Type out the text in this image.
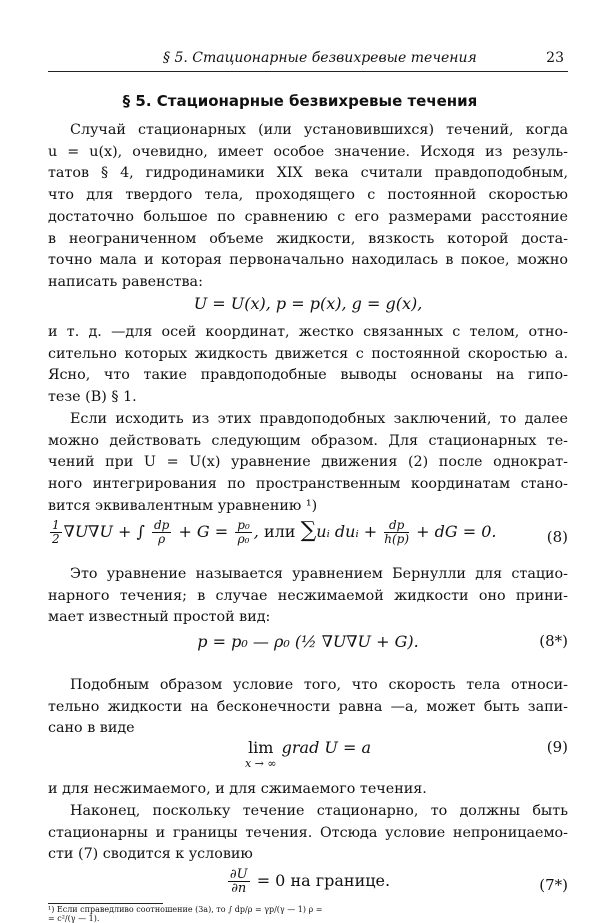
§ 5. Стационарные безвихревые течения	23
§ 5. Стационарные безвихревые течения
Случай стационарных (или установившихся) течений, когда
u = u(x), очевидно, имеет особое значение. Исходя из резуль-
татов § 4, гидродинамики XIX века считали правдоподобным,
что для твердого тела, проходящего с постоянной скоростью
достаточно большое по сравнению с его размерами расстояние
в неограниченном объеме жидкости, вязкость которой доста-
точно мала и которая первоначально находилась в покое, можно
написать равенства:
U = U(x), p = p(x), g = g(x),
и т. д. —для осей координат, жестко связанных с телом, отно-
сительно которых жидкость движется с постоянной скоростью a.
Ясно, что такие правдоподобные выводы основаны на гипо-
тезе (B) § 1.
Если исходить из этих правдоподобных заключений, то далее
можно действовать следующим образом. Для стационарных те-
чений при U = U(x) уравнение движения (2) после однократ-
ного интегрирования по пространственным координатам стано-
вится эквивалентным уравнению ¹)
$\frac{1}{2} \nabla U\nabla U$ + ∫ $\frac{dp}{\rho} + G = \frac{\text{p₀}}{\text{ρ₀}}$ , или ∑uᵢ duᵢ + $\frac{dp}{h(p)}$ + dG = 0.	(8)
Это уравнение называется уравнением Бернулли для стацио-
нарного течения; в случае несжимаемой жидкости оно прини-
мает известный простой вид:
p = p₀ — ρ₀ (½ ∇U∇U + G).	(8*)
Подобным образом условие того, что скорость тела относи-
тельно жидкости на бесконечности равна —a, может быть запи-
сано в виде
lim
x → ∞
grad U = a	(9)
и для несжимаемого, и для сжимаемого течения.
Наконец, поскольку течение стационарно, то должны быть
стационарны и границы течения. Отсюда условие непроницаемо-
сти (7) сводится к условию
$\frac{\partial U}{\partial n} = 0$ на границе.	(7*)
¹) Если справедливо соотношение (3a), то ∫ dp/ρ = γp/(γ — 1) ρ =
= c²/(γ — 1).
